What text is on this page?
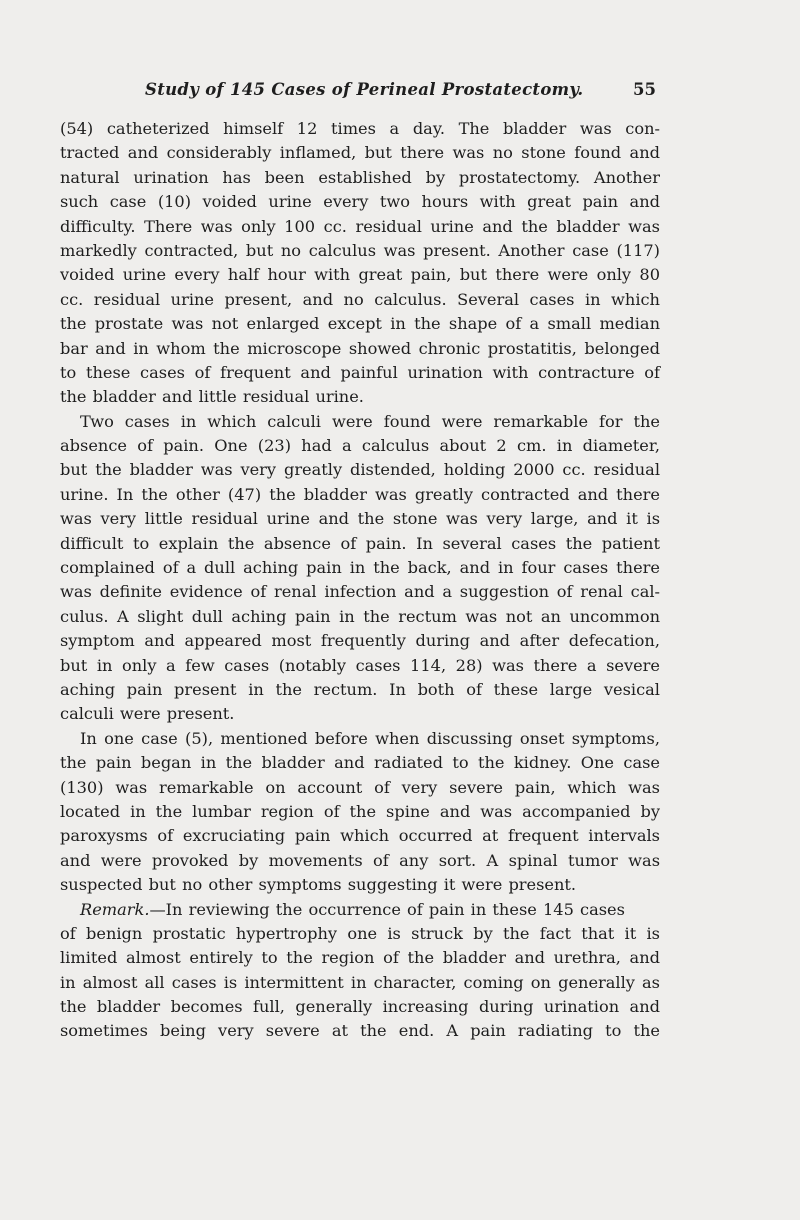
Study of 145 Cases of Perineal Prostatectomy.	55
(54) catheterized himself 12 times a day. The bladder was con-
tracted and considerably inflamed, but there was no stone found and
natural urination has been established by prostatectomy. Another
such case (10) voided urine every two hours with great pain and
difficulty. There was only 100 cc. residual urine and the bladder was
markedly contracted, but no calculus was present. Another case (117)
voided urine every half hour with great pain, but there were only 80
cc. residual urine present, and no calculus. Several cases in which
the prostate was not enlarged except in the shape of a small median
bar and in whom the microscope showed chronic prostatitis, belonged
to these cases of frequent and painful urination with contracture of
the bladder and little residual urine.
Two cases in which calculi were found were remarkable for the
absence of pain. One (23) had a calculus about 2 cm. in diameter,
but the bladder was very greatly distended, holding 2000 cc. residual
urine. In the other (47) the bladder was greatly contracted and there
was very little residual urine and the stone was very large, and it is
difficult to explain the absence of pain. In several cases the patient
complained of a dull aching pain in the back, and in four cases there
was definite evidence of renal infection and a suggestion of renal cal-
culus. A slight dull aching pain in the rectum was not an uncommon
symptom and appeared most frequently during and after defecation,
but in only a few cases (notably cases 114, 28) was there a severe
aching pain present in the rectum. In both of these large vesical
calculi were present.
In one case (5), mentioned before when discussing onset symptoms,
the pain began in the bladder and radiated to the kidney. One case
(130) was remarkable on account of very severe pain, which was
located in the lumbar region of the spine and was accompanied by
paroxysms of excruciating pain which occurred at frequent intervals
and were provoked by movements of any sort. A spinal tumor was
suspected but no other symptoms suggesting it were present.
Remark.—In reviewing the occurrence of pain in these 145 cases
of benign prostatic hypertrophy one is struck by the fact that it is
limited almost entirely to the region of the bladder and urethra, and
in almost all cases is intermittent in character, coming on generally as
the bladder becomes full, generally increasing during urination and
sometimes being very severe at the end. A pain radiating to the
